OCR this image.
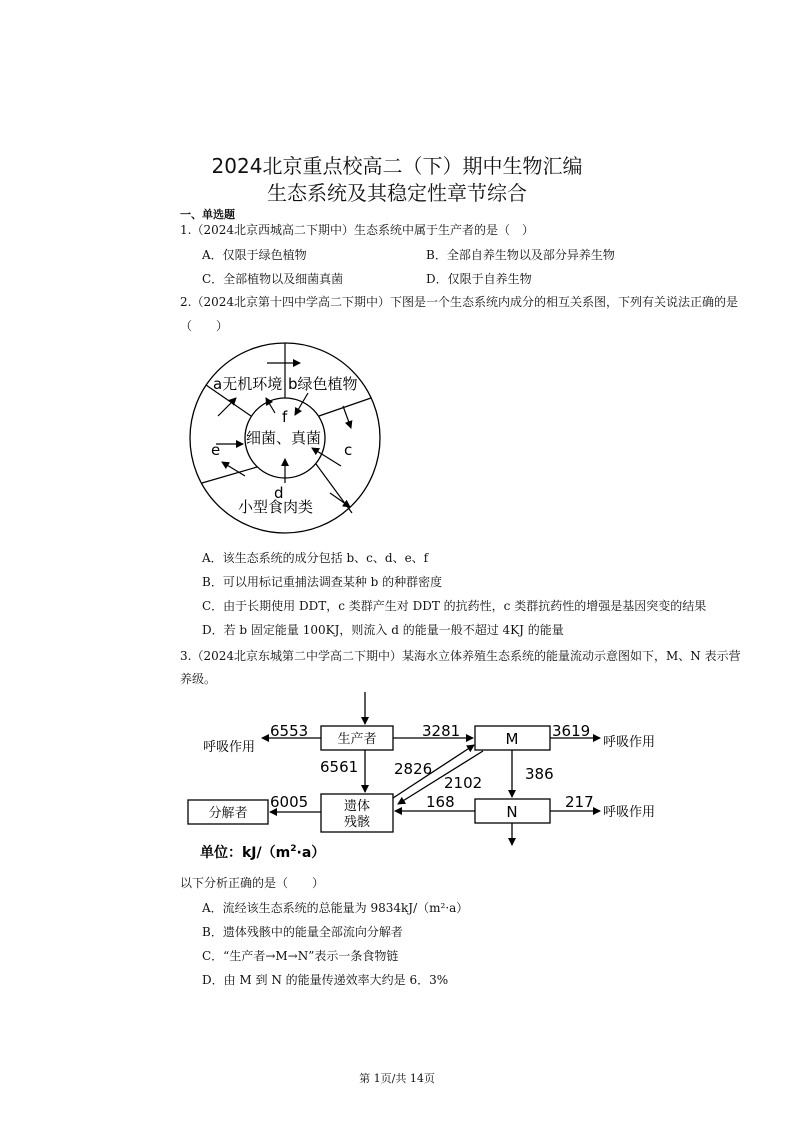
2024北京重点校高二（下）期中生物汇编
生态系统及其稳定性章节综合
一、单选题
1.（2024北京西城高二下期中）生态系统中属于生产者的是（　）
A．仅限于绿色植物	B．全部自养生物以及部分异养生物
C．全部植物以及细菌真菌	D．仅限于自养生物
2.（2024北京第十四中学高二下期中）下图是一个生态系统内成分的相互关系图，下列有关说法正确的是
（　　）
a无机环境 b绿色植物
f
细菌、真菌
e	c
d
小型食肉类
A．该生态系统的成分包括 b、c、d、e、f
B．可以用标记重捕法调查某种 b 的种群密度
C．由于长期使用 DDT，c 类群产生对 DDT 的抗药性，c 类群抗药性的增强是基因突变的结果
D．若 b 固定能量 100KJ，则流入 d 的能量一般不超过 4KJ 的能量
3.（2024北京东城第二中学高二下期中）某海水立体养殖生态系统的能量流动示意图如下，M、N 表示营
养级。
生产者	M
N
遗体
残骸
分解者
呼吸作用	呼吸作用
呼吸作用
6553	3281	3619
6561 2826
2102	386
6005	168	217
单位：$kJ/(m^2\cdot a)$
以下分析正确的是（　　）
A．流经该生态系统的总能量为 9834kJ/（m²·a）
B．遗体残骸中的能量全部流向分解者
C．“生产者→M→N”表示一条食物链
D．由 M 到 N 的能量传递效率大约是 6．3%
第 1页/共 14页
